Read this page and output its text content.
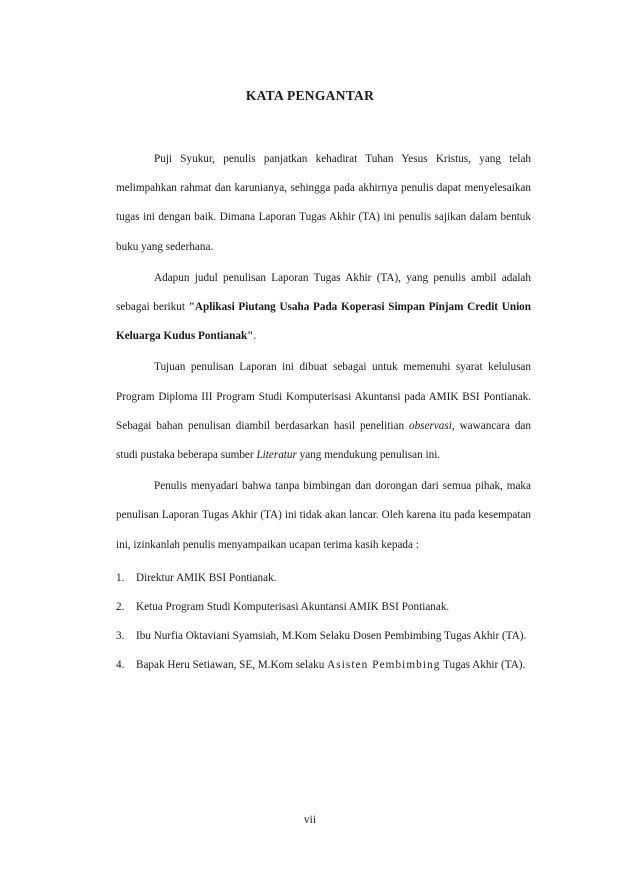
KATA PENGANTAR

Puji Syukur, penulis panjatkan kehadirat Tuhan Yesus Kristus, yang telah melimpahkan rahmat dan karunianya, sehingga pada akhirnya penulis dapat menyelesaikan tugas ini dengan baik. Dimana Laporan Tugas Akhir (TA) ini penulis sajikan dalam bentuk buku yang sederhana.

Adapun judul penulisan Laporan Tugas Akhir (TA), yang penulis ambil adalah sebagai berikut "Aplikasi Piutang Usaha Pada Koperasi Simpan Pinjam Credit Union Keluarga Kudus Pontianak".

Tujuan penulisan Laporan ini dibuat sebagai untuk memenuhi syarat kelulusan Program Diploma III Program Studi Komputerisasi Akuntansi pada AMIK BSI Pontianak. Sebagai bahan penulisan diambil berdasarkan hasil penelitian observasi, wawancara dan studi pustaka beberapa sumber Literatur yang mendukung penulisan ini.

Penulis menyadari bahwa tanpa bimbingan dan dorongan dari semua pihak, maka penulisan Laporan Tugas Akhir (TA) ini tidak akan lancar. Oleh karena itu pada kesempatan ini, izinkanlah penulis menyampaikan ucapan terima kasih kepada :

1. Direktur AMIK BSI Pontianak.
2. Ketua Program Studi Komputerisasi Akuntansi AMIK BSI Pontianak.
3. Ibu Nurfia Oktaviani Syamsiah, M.Kom Selaku Dosen Pembimbing Tugas Akhir (TA).
4. Bapak Heru Setiawan, SE, M.Kom selaku Asisten Pembimbing Tugas Akhir (TA).
vii
